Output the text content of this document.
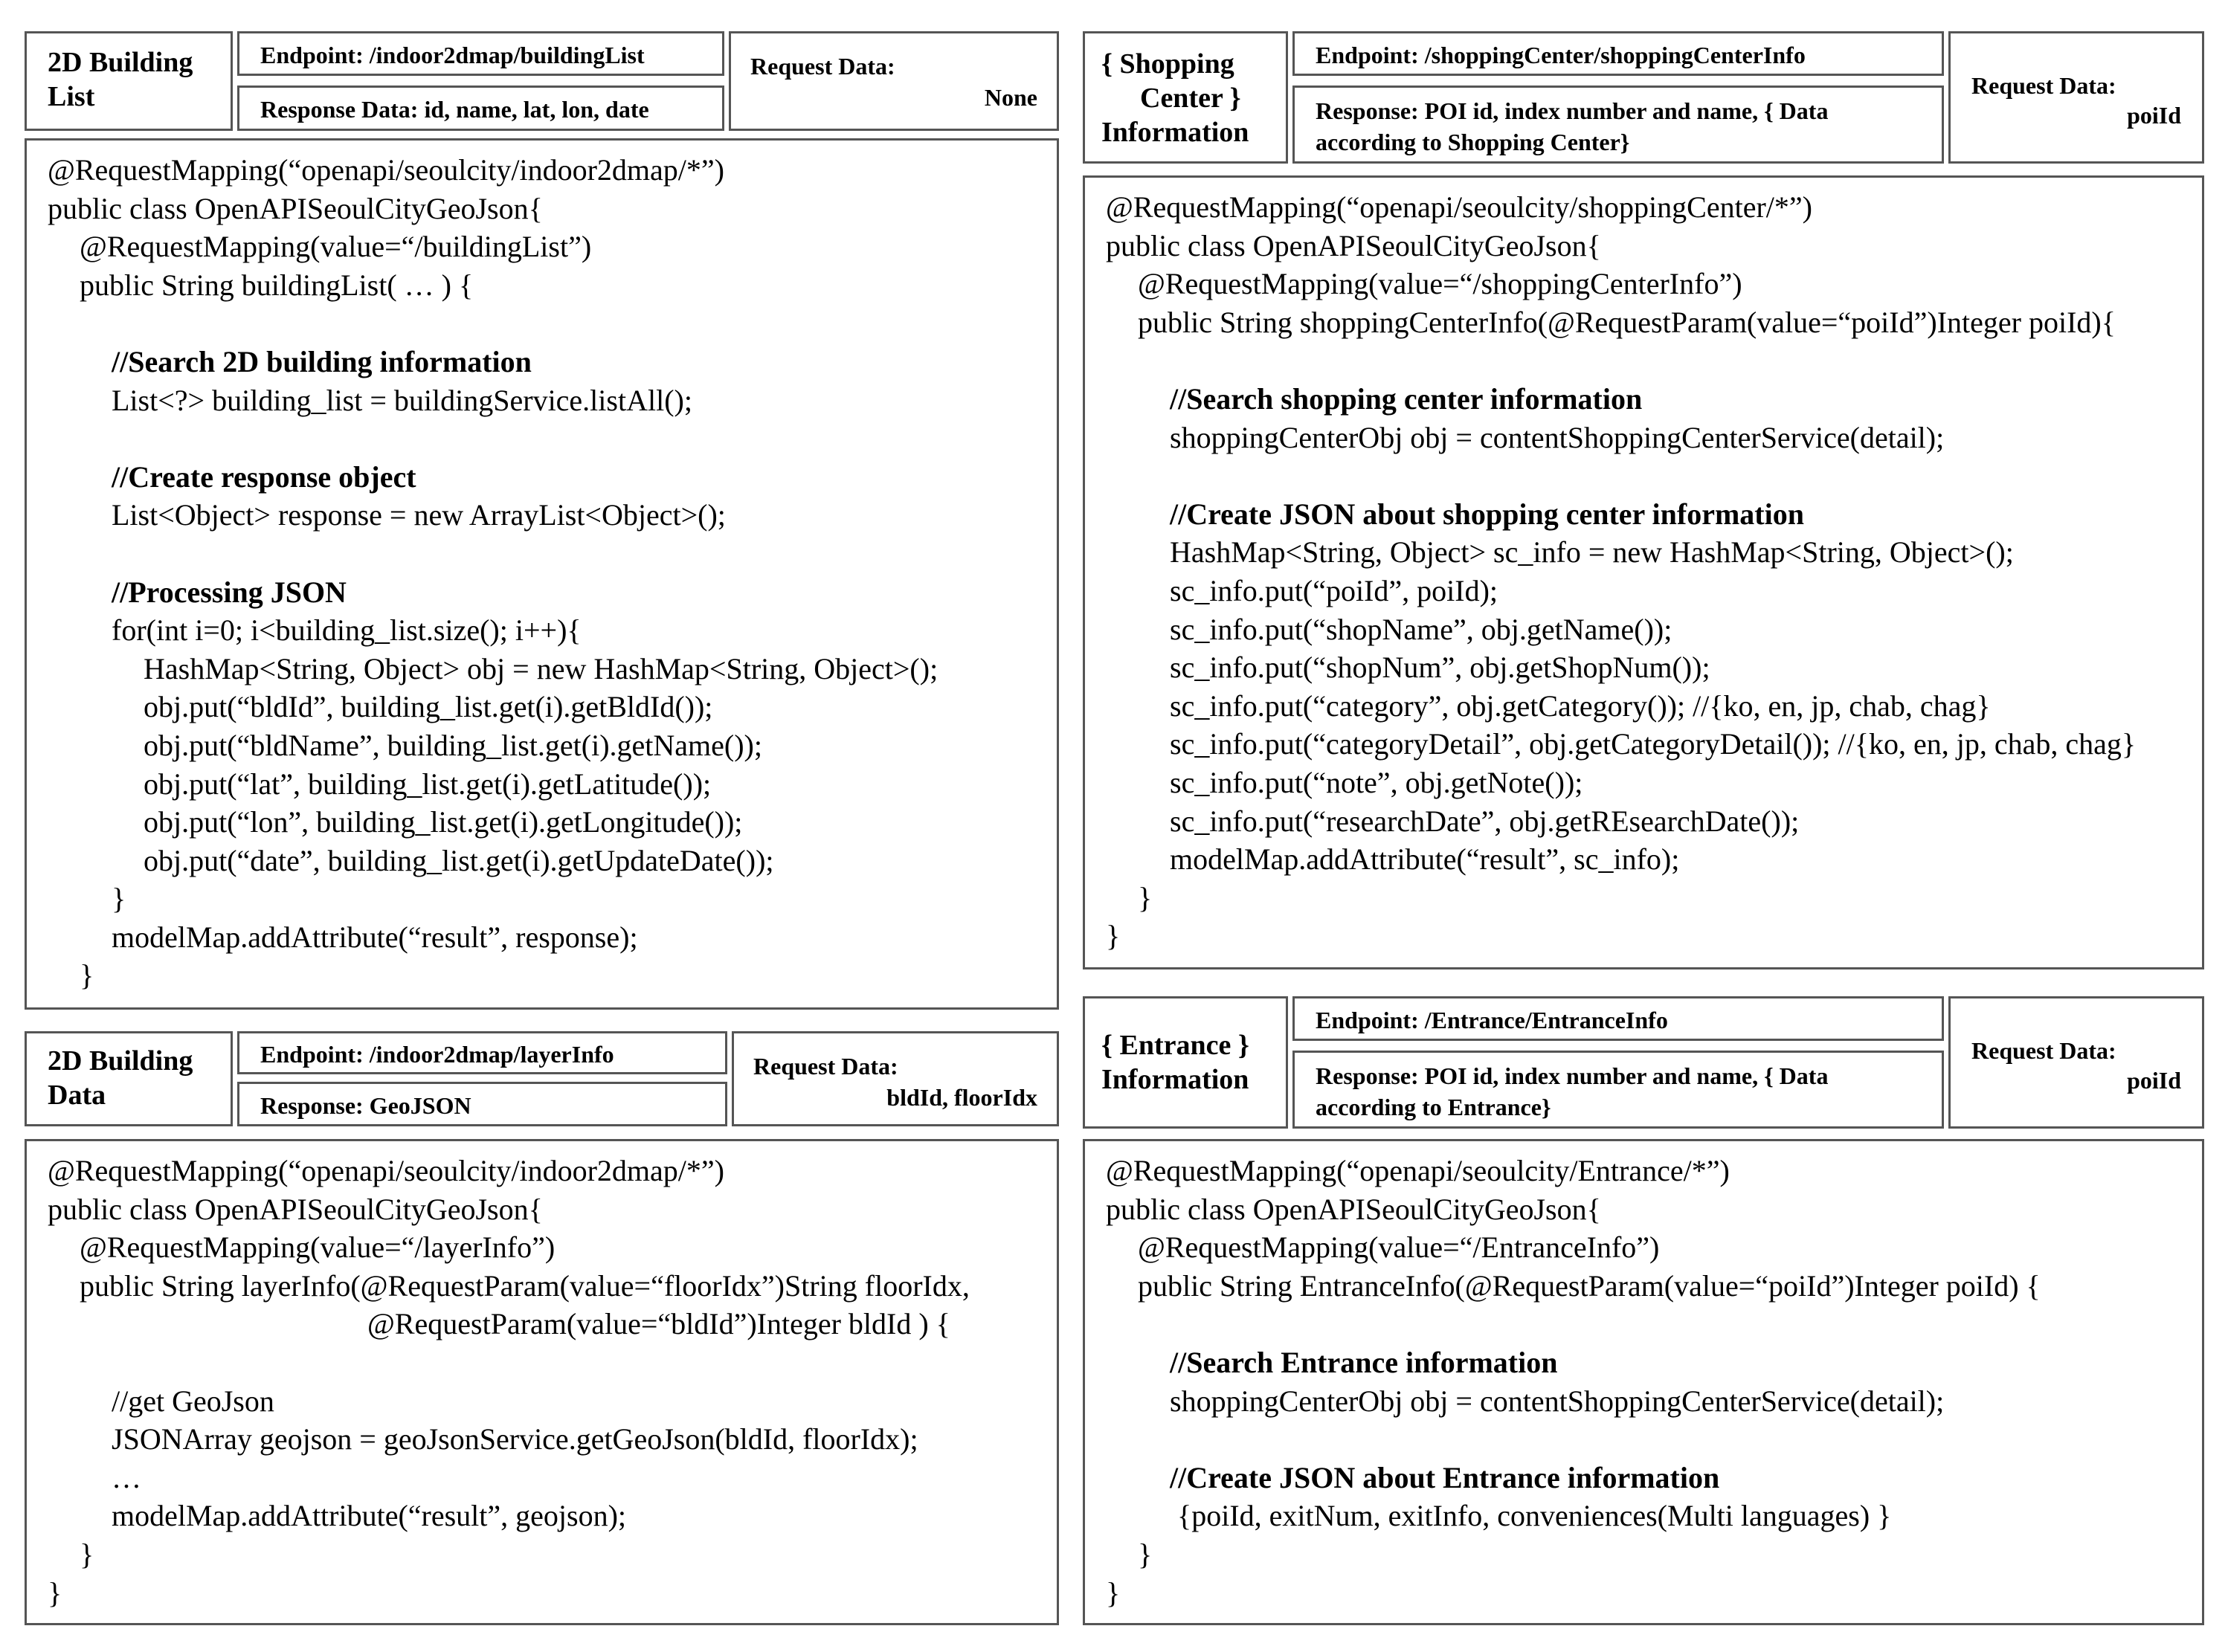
2D Building
List
Endpoint: /indoor2dmap/buildingList
Response Data: id, name, lat, lon, date
Request Data:
None
@RequestMapping(“openapi/seoulcity/indoor2dmap/*”)
public class OpenAPISeoulCityGeoJson{
@RequestMapping(value=“/buildingList”)
public String buildingList( … ) {
//Search 2D building information
List<?> building_list = buildingService.listAll();
//Create response object
List<Object> response = new ArrayList<Object>();
//Processing JSON
for(int i=0; i<building_list.size(); i++){
HashMap<String, Object> obj = new HashMap<String, Object>();
obj.put(“bldId”, building_list.get(i).getBldId());
obj.put(“bldName”, building_list.get(i).getName());
obj.put(“lat”, building_list.get(i).getLatitude());
obj.put(“lon”, building_list.get(i).getLongitude());
obj.put(“date”, building_list.get(i).getUpdateDate());
}
modelMap.addAttribute(“result”, response);
}
{ Shopping
Center }
Information
Endpoint: /shoppingCenter/shoppingCenterInfo
Response: POI id, index number and name, { Data
according to Shopping Center}
Request Data:
poiId
@RequestMapping(“openapi/seoulcity/shoppingCenter/*”)
public class OpenAPISeoulCityGeoJson{
@RequestMapping(value=“/shoppingCenterInfo”)
public String shoppingCenterInfo(@RequestParam(value=“poiId”)Integer poiId){
//Search shopping center information
shoppingCenterObj obj = contentShoppingCenterService(detail);
//Create JSON about shopping center information
HashMap<String, Object> sc_info = new HashMap<String, Object>();
sc_info.put(“poiId”, poiId);
sc_info.put(“shopName”, obj.getName());
sc_info.put(“shopNum”, obj.getShopNum());
sc_info.put(“category”, obj.getCategory()); //{ko, en, jp, chab, chag}
sc_info.put(“categoryDetail”, obj.getCategoryDetail()); //{ko, en, jp, chab, chag}
sc_info.put(“note”, obj.getNote());
sc_info.put(“researchDate”, obj.getREsearchDate());
modelMap.addAttribute(“result”, sc_info);
}
}
2D Building
Data
Endpoint: /indoor2dmap/layerInfo
Response: GeoJSON
Request Data:
bldId, floorIdx
@RequestMapping(“openapi/seoulcity/indoor2dmap/*”)
public class OpenAPISeoulCityGeoJson{
@RequestMapping(value=“/layerInfo”)
public String layerInfo(@RequestParam(value=“floorIdx”)String floorIdx,
@RequestParam(value=“bldId”)Integer bldId ) {
//get GeoJson
JSONArray geojson = geoJsonService.getGeoJson(bldId, floorIdx);
…
modelMap.addAttribute(“result”, geojson);
}
}
{ Entrance }
Information
Endpoint: /Entrance/EntranceInfo
Response: POI id, index number and name, { Data
according to Entrance}
Request Data:
poiId
@RequestMapping(“openapi/seoulcity/Entrance/*”)
public class OpenAPISeoulCityGeoJson{
@RequestMapping(value=“/EntranceInfo”)
public String EntranceInfo(@RequestParam(value=“poiId”)Integer poiId) {
//Search Entrance information
shoppingCenterObj obj = contentShoppingCenterService(detail);
//Create JSON about Entrance information
{poiId, exitNum, exitInfo, conveniences(Multi languages) }
}
}
